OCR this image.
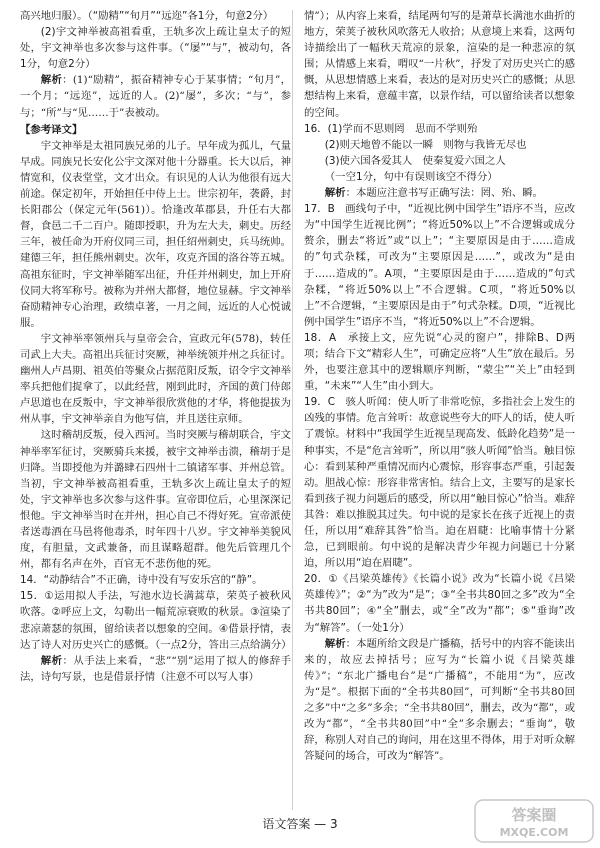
高兴地归服）。（“励精”“旬月”“远迩”各1分，句意2分）

(2)宇文神举被高祖看重，王轨多次上疏让皇太子的短处，宇文神举也多次参与这件事。（“屡”“与”，被动句，各1分，句意2分）

解析：(1)“励精”，振奋精神专心于某事情；“旬月”，一个月；“远迩”，远近的人。(2)“屡”，多次；“与”，参与；“所”与“见……于”表被动。

【参考译文】

宇文神举是太祖同族兄弟的儿子。早年成为孤儿，气量早成。同族兄长安化公宇文深对他十分器重。长大以后，神情宽和，仪表堂堂，文才出众。有识见的人认为他很有远大前途。保定初年，开始担任中侍上士。世宗初年，袭爵，封长阳郡公（保定元年(561)）。恰逢改革郡县，升任右大都督，食邑二千二百户。随即授职，升为左大夫，刺史。历经三年，被任命为开府仪同三司，担任绍州刺史，兵马统帅。建德三年，担任熊州刺史。次年，攻克齐国的洛谷等五城。高祖东征时，宇文神举随军出征，升任并州刺史，加上开府仪同大将军称号。被称为并州大都督，地位显赫。宇文神举奋励精神专心治理，政绩卓著，一月之间，远近的人心悦诚服。

宇文神举率领州兵与皇帝会合，宣政元年(578)，转任司武上大夫。高祖出兵征讨突厥，神举统领并州之兵征讨。幽州人卢昌期、祖英伯等聚众占据范阳反叛，诏令宇文神举率兵把他们捉拿了，以此经营，刚到此时，齐国的黄门侍郎卢思道也在反叛中，宇文神举很欣赏他的才华，将他提拔为州从事，宇文神举亲自为他写信，并且送往京师。

这时稽胡反叛，侵入西河。当时突厥与稽胡联合，宇文神举率军征讨，突厥骑兵来援，被宇文神举击溃，稽胡于是归降。当即授他为并潞肆石四州十二镇诸军事、并州总管。当初，宇文神举被高祖看重，王轨多次上疏让皇太子的短处，宇文神举也多次参与这件事。宣帝即位后，心里深深记恨他。宇文神举当时在并州，担心自己不得好死。宣帝派使者送毒酒在马邑将他毒杀，时年四十八岁。宇文神举美貌风度，有胆量，文武兼备，而且谋略超群。他先后管理几个州，都有名声在外，百官无不悲伤他的死。

14．“动静结合”不正确，诗中没有写安乐宫的“静”。

15．①运用拟人手法，写池水边长满蒿草，荣英子被秋风吹落。②呼应上文，勾勒出一幅荒凉衰败的秋景。③渲染了悲凉萧瑟的氛围，留给读者以想象的空间。④借景抒情，表达了诗人对历史兴亡的感慨。（一点2分，答出三点给满分）

解析：从手法上来看，“悲”“别”运用了拟人的修辞手法，诗句写景，也是借景抒情（注意不可以写人事）

情”）；从内容上来看，结尾两句写的是萧草长满池水曲折的地方，荣荚子被秋风吹落无人收拾；从意境上来看，这两句诗描绘出了一幅秋天荒凉的景象，渲染的是一种悲凉的氛围；从情感上来看，喟叹“一片秋”，抒发了对历史兴亡的感慨，从思想情感上来看，表达的是对历史兴亡的感慨；从思想结构上来看，意蕴丰富，以景作结，可以留给读者以想象的空间。

16．(1)学而不思则罔　思而不学则殆

(2)则天地曾不能以一瞬　则物与我皆无尽也

(3)使六国各爱其人　使秦复爱六国之人

（一空1分，句中有误则该空不得分）

解析：本题应注意书写正确写法：罔、殆、瞬。

17．B　画线句子中，“近视比例中国学生”语序不当，应改为“中国学生近视比例”；“将近50%以上”不合逻辑或成分赘余，删去“将近”或“以上”；“主要原因是由于……造成的”句式杂糅，可改为“主要原因是……”，或改为“是由于……造成的”。A项，“主要原因是由于……造成的”句式杂糅，“将近50%以上”不合逻辑。C项，“将近50%以上”不合逻辑，“主要原因是由于”句式杂糅。D项，“近视比例中国学生”语序不当，“将近50%以上”不合逻辑。

18．A　承接上文，应先说“心灵的窗户”，排除B、D两项；结合下文“精彩人生”，可确定应将“人生”放在最后。另外，也要注意其中的逻辑顺序判断，“蒙尘”“关上”由轻到重，“未来”“人生”由小到大。

19．C　骇人听闻：使人听了非常吃惊，多指社会上发生的凶残的事情。危言耸听：故意说些夸大的吓人的话，使人听了震惊。材料中“我国学生近视呈现高发、低龄化趋势”是一种事实，不是“危言耸听”，所以用“骇人听闻”恰当。触目惊心：看到某种严重情况而内心震惊，形容事态严重，引起轰动。胆战心惊：形容非常害怕。结合上文，主要写的是家长看到孩子视力问题后的感受，所以用“触目惊心”恰当。难辞其咎：难以推脱其过失。句中说的是家长在孩子近视上的责任，所以用“难辞其咎”恰当。迫在眉睫：比喻事情十分紧急，已到眼前。句中说的是解决青少年视力问题已十分紧迫，所以用“迫在眉睫”。

20．①《吕梁英雄传》《长篇小说》改为“长篇小说《吕梁英雄传》”；②“为”改为“是”；③“全书共80回之多”改为“全书共80回”；④“全”删去，或“全”改为“都”；⑤“垂询”改为“解答”。（一处1分）

解析：本题所给文段是广播稿，括号中的内容不能读出来的，故应去掉括号；应写为“长篇小说《吕梁英雄传》”；“东北广播电台”是“广播稿”，不能用“为”，应改为“是”。根据下面的“全书共80回”，可判断“全书共80回之多”中“之多”多余；“全书共80回”，删去，改为“都”，或改为“都”，“全书共80回”中“全”多余删去；“垂询”，敬辞，称别人对自己的询问，用在这里不得体，用于对听众解答疑问的场合，可改为“解答”。

语文答案 — 3	答案圈
MXQE.COM
